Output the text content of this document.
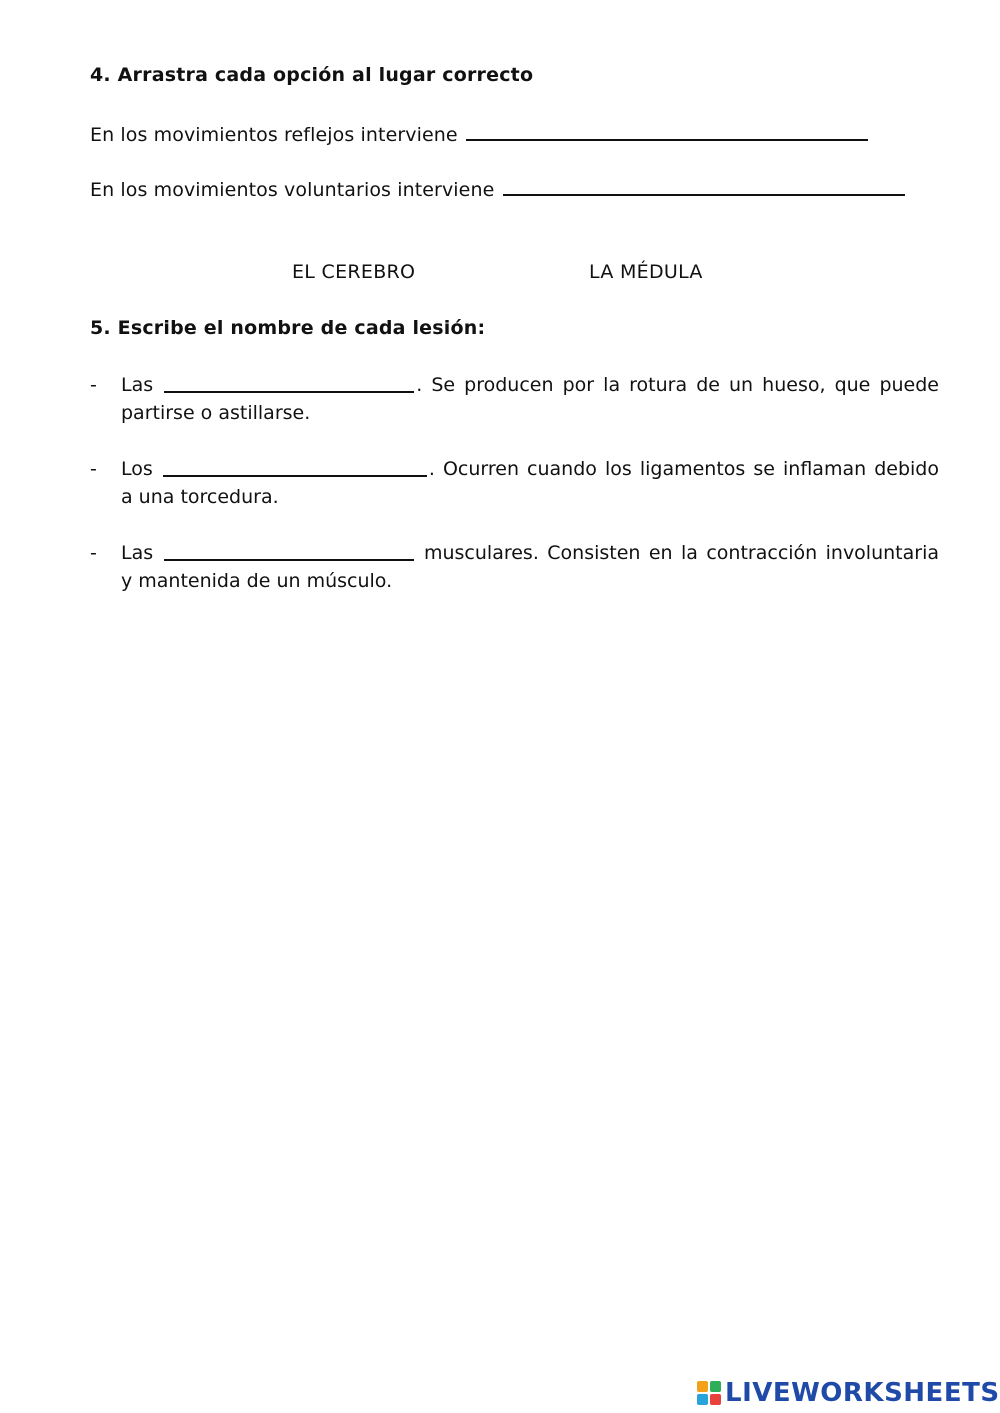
4. Arrastra cada opción al lugar correcto
En los movimientos reflejos interviene
En los movimientos voluntarios interviene
EL CEREBRO	LA MÉDULA
5. Escribe el nombre de cada lesión:
- Las	. Se producen por la rotura de un hueso, que puede partirse o astillarse.
- Los	. Ocurren cuando los ligamentos se inflaman debido a una torcedura.
- Las	musculares. Consisten en la contracción involuntaria y mantenida de un músculo.
LIVEWORKSHEETS
